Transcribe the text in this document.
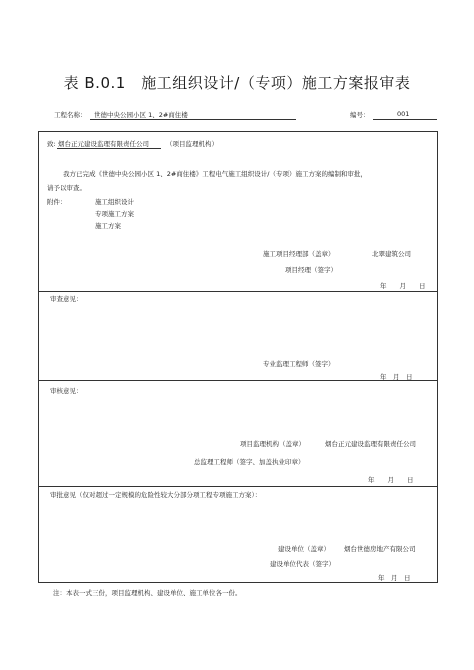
表 B.0.1　施工组织设计/（专项）施工方案报审表
工程名称： 世德中央公园小区 1、2#商住楼	编号：	001
致: 烟台正元建设监理有限责任公司	（项目监理机构）
我方已完成《世德中央公园小区 1、2#商住楼》工程电气施工组织设计/（专项）施工方案的编制和审批，
请予以审查。
附件：	施工组织设计
专项施工方案
施工方案
施工项目经理部（盖章）	北翠建筑公司
项目经理（签字）
年　　月　　日
审查意见：
专业监理工程师（签字）
年　月　日
审核意见：
项目监理机构（盖章）	烟台正元建设监理有限责任公司
总监理工程师（签字、加盖执业印章）
年　　月　　日
审批意见（仅对超过一定规模的危险性较大分部分项工程专项施工方案）：
建设单位（盖章） 烟台世德房地产有限公司
建设单位代表（签字）
年　月　日
注：本表一式三份，项目监理机构、建设单位、施工单位各一份。
